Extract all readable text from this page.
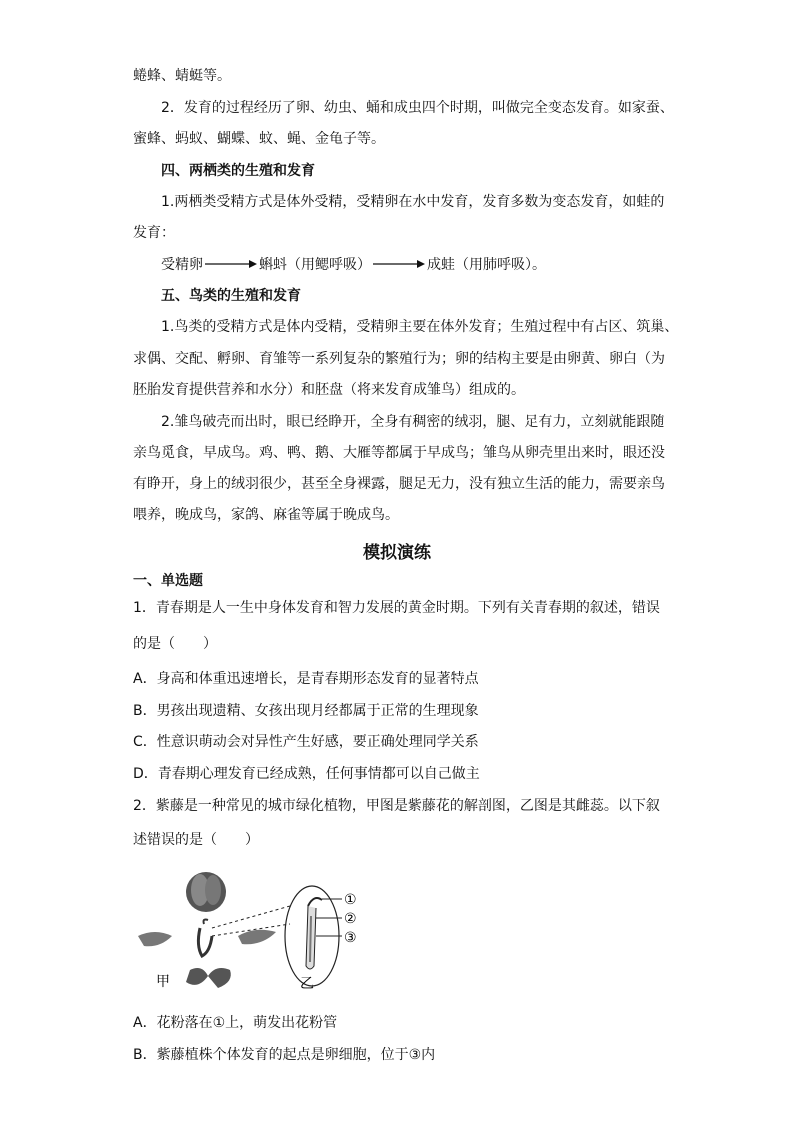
蜷蜂、蜻蜓等。
2．发育的过程经历了卵、幼虫、蛹和成虫四个时期，叫做完全变态发育。如家蚕、
蜜蜂、蚂蚁、蝴蝶、蚊、蝇、金龟子等。
四、两栖类的生殖和发育
1.两栖类受精方式是体外受精，受精卵在水中发育，发育多数为变态发育，如蛙的
发育：
受精卵	蝌蚪（用鳃呼吸）	成蛙（用肺呼吸）。
五、鸟类的生殖和发育
1.鸟类的受精方式是体内受精，受精卵主要在体外发育；生殖过程中有占区、筑巢、
求偶、交配、孵卵、育雏等一系列复杂的繁殖行为；卵的结构主要是由卵黄、卵白（为
胚胎发育提供营养和水分）和胚盘（将来发育成雏鸟）组成的。
2.雏鸟破壳而出时，眼已经睁开，全身有稠密的绒羽，腿、足有力，立刻就能跟随
亲鸟觅食，早成鸟。鸡、鸭、鹅、大雁等都属于早成鸟；雏鸟从卵壳里出来时，眼还没
有睁开，身上的绒羽很少，甚至全身裸露，腿足无力，没有独立生活的能力，需要亲鸟
喂养，晚成鸟，家鸽、麻雀等属于晚成鸟。
模拟演练
一、单选题
1．青春期是人一生中身体发育和智力发展的黄金时期。下列有关青春期的叙述，错误
的是（　　）
A．身高和体重迅速增长，是青春期形态发育的显著特点
B．男孩出现遗精、女孩出现月经都属于正常的生理现象
C．性意识萌动会对异性产生好感，要正确处理同学关系
D．青春期心理发育已经成熟，任何事情都可以自己做主
2．紫藤是一种常见的城市绿化植物，甲图是紫藤花的解剖图，乙图是其雌蕊。以下叙
述错误的是（　　）
①
②
③
甲	乙
A．花粉落在①上，萌发出花粉管
B．紫藤植株个体发育的起点是卵细胞，位于③内
